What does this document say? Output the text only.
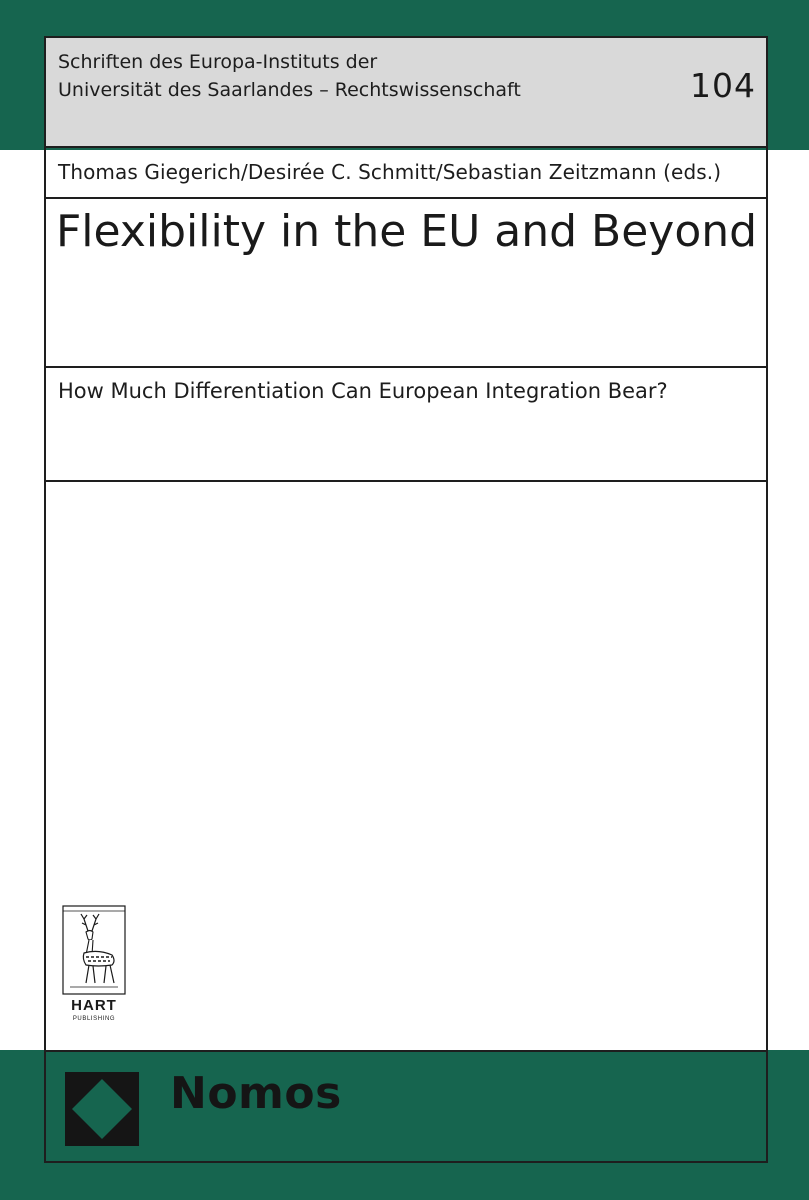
Schriften des Europa-Instituts der
Universität des Saarlandes – Rechtswissenschaft	104
Thomas Giegerich/Desirée C. Schmitt/Sebastian Zeitzmann (eds.)
Flexibility in the EU and Beyond
How Much Differentiation Can European Integration Bear?
HART
PUBLISHING
Nomos
